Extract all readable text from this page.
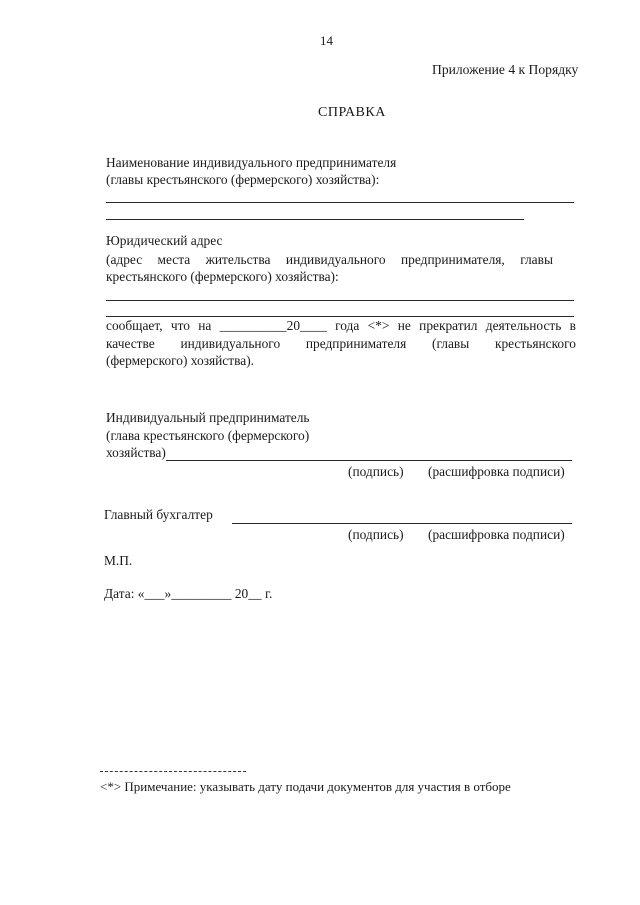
14
Приложение 4 к Порядку
СПРАВКА
Наименование индивидуального предпринимателя
(главы крестьянского (фермерского) хозяйства):
Юридический адрес
(адрес места жительства индивидуального предпринимателя, главы
крестьянского (фермерского) хозяйства):
сообщает, что на __________20____ года <*> не прекратил деятельность в
качестве индивидуального предпринимателя (главы крестьянского
(фермерского) хозяйства).
Индивидуальный предприниматель
(глава крестьянского (фермерского)
хозяйства)
(подпись) (расшифровка подписи)
Главный бухгалтер
(подпись) (расшифровка подписи)
М.П.
Дата: «___»_________ 20__ г.
<*> Примечание: указывать дату подачи документов для участия в отборе
